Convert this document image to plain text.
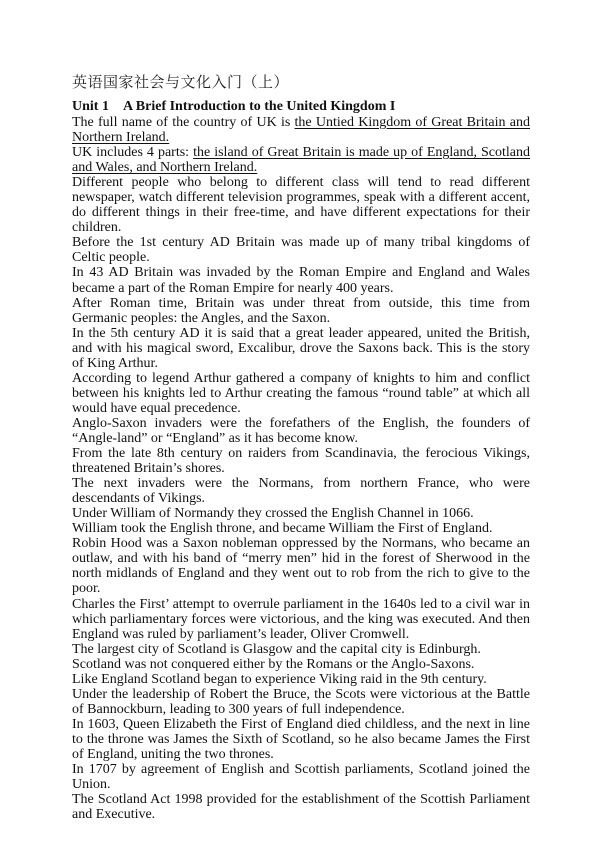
英语国家社会与文化入门（上）
Unit 1 A Brief Introduction to the United Kingdom I

The full name of the country of UK is the Untied Kingdom of Great Britain and Northern Ireland.

UK includes 4 parts: the island of Great Britain is made up of England, Scotland and Wales, and Northern Ireland.

Different people who belong to different class will tend to read different newspaper, watch different television programmes, speak with a different accent, do different things in their free-time, and have different expectations for their children.

Before the 1st century AD Britain was made up of many tribal kingdoms of Celtic people.

In 43 AD Britain was invaded by the Roman Empire and England and Wales became a part of the Roman Empire for nearly 400 years.

After Roman time, Britain was under threat from outside, this time from Germanic peoples: the Angles, and the Saxon.

In the 5th century AD it is said that a great leader appeared, united the British, and with his magical sword, Excalibur, drove the Saxons back. This is the story of King Arthur.

According to legend Arthur gathered a company of knights to him and conflict between his knights led to Arthur creating the famous “round table” at which all would have equal precedence.

Anglo-Saxon invaders were the forefathers of the English, the founders of “Angle-land” or “England” as it has become know.

From the late 8th century on raiders from Scandinavia, the ferocious Vikings, threatened Britain’s shores.

The next invaders were the Normans, from northern France, who were descendants of Vikings.

Under William of Normandy they crossed the English Channel in 1066.

William took the English throne, and became William the First of England.

Robin Hood was a Saxon nobleman oppressed by the Normans, who became an outlaw, and with his band of “merry men” hid in the forest of Sherwood in the north midlands of England and they went out to rob from the rich to give to the poor.

Charles the First’ attempt to overrule parliament in the 1640s led to a civil war in which parliamentary forces were victorious, and the king was executed. And then England was ruled by parliament’s leader, Oliver Cromwell.

The largest city of Scotland is Glasgow and the capital city is Edinburgh.

Scotland was not conquered either by the Romans or the Anglo-Saxons.

Like England Scotland began to experience Viking raid in the 9th century.

Under the leadership of Robert the Bruce, the Scots were victorious at the Battle of Bannockburn, leading to 300 years of full independence.

In 1603, Queen Elizabeth the First of England died childless, and the next in line to the throne was James the Sixth of Scotland, so he also became James the First of England, uniting the two thrones.

In 1707 by agreement of English and Scottish parliaments, Scotland joined the Union.

The Scotland Act 1998 provided for the establishment of the Scottish Parliament and Executive.
